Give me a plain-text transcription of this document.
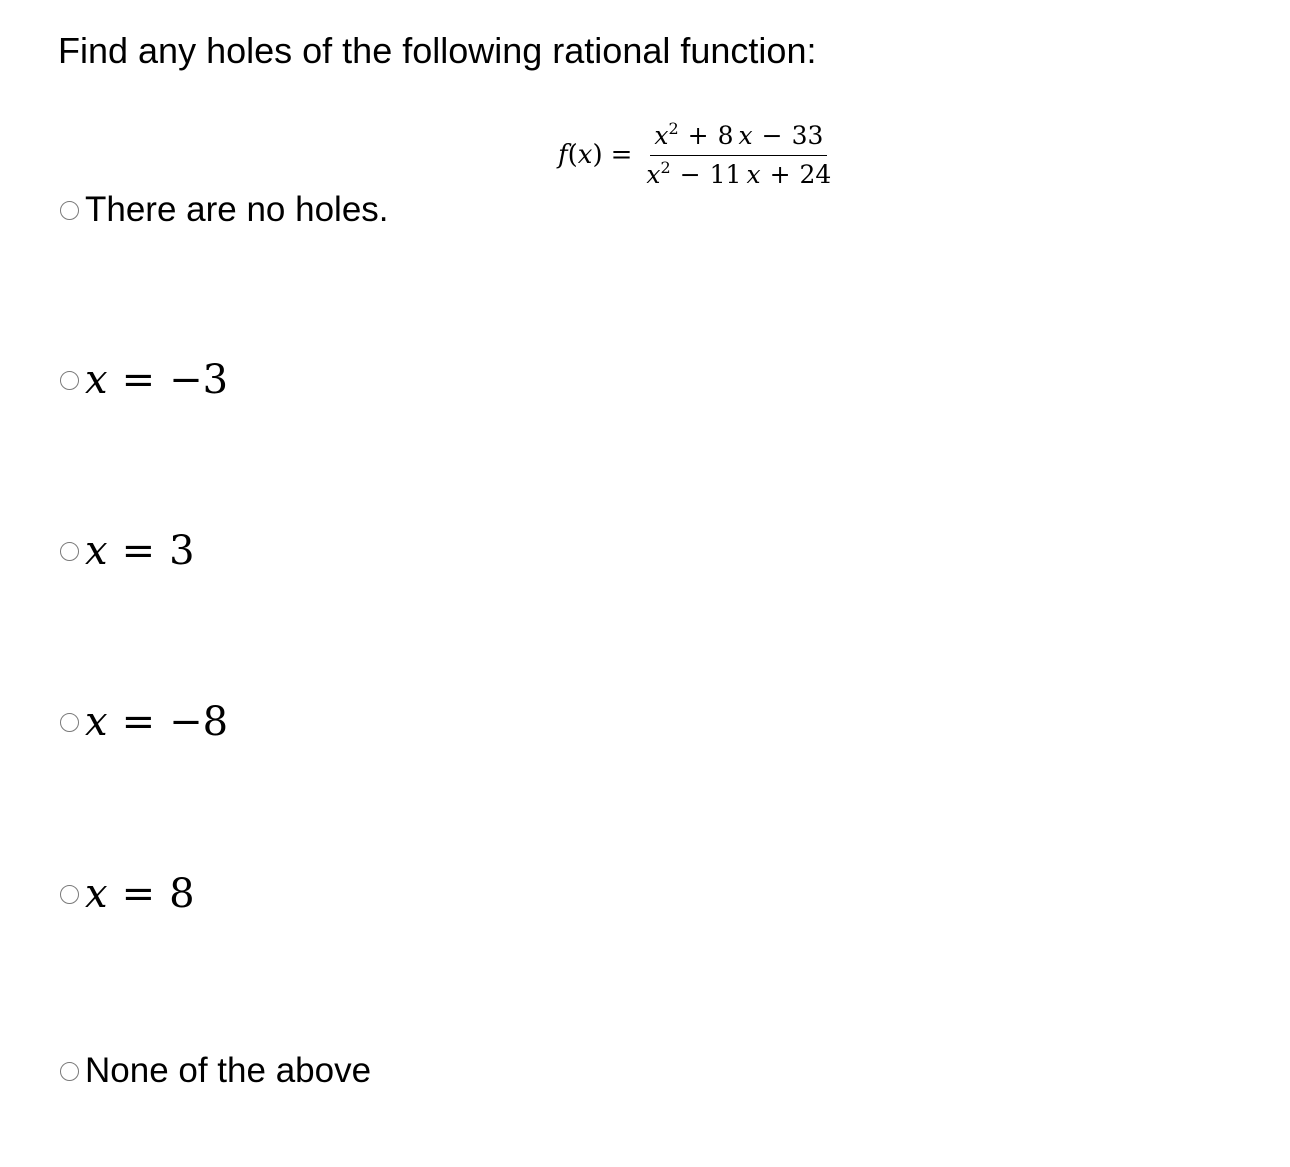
Find any holes of the following rational function:
$f(x) = \frac{x^2 + 8 x - 33}{x^2 - 11 x + 24}$
There are no holes.
x = −3
x = 3
x = −8
x = 8
None of the above
